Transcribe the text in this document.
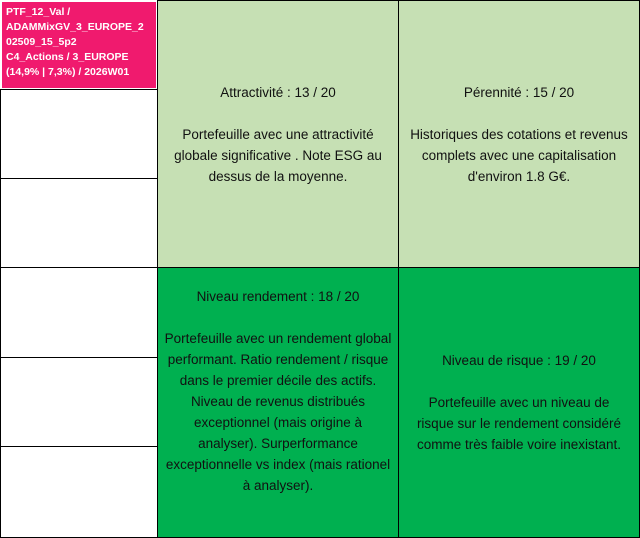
PTF_12_Val /
ADAMMixGV_3_EUROPE_2
02509_15_5p2
C4_Actions / 3_EUROPE
(14,9% | 7,3%) / 2026W01
Attractivité : 13 / 20
Portefeuille avec une attractivité globale significative . Note ESG au dessus de la moyenne.
Pérennité : 15 / 20
Historiques des cotations et revenus complets avec une capitalisation d'environ 1.8 G€.
Niveau rendement : 18 / 20
Portefeuille avec un rendement global performant. Ratio rendement / risque dans le premier décile des actifs. Niveau de revenus distribués exceptionnel (mais origine à analyser). Surperformance exceptionnelle vs index (mais rationel à analyser).
Niveau de risque : 19 / 20
Portefeuille avec un niveau de risque sur le rendement considéré comme très faible voire inexistant.
